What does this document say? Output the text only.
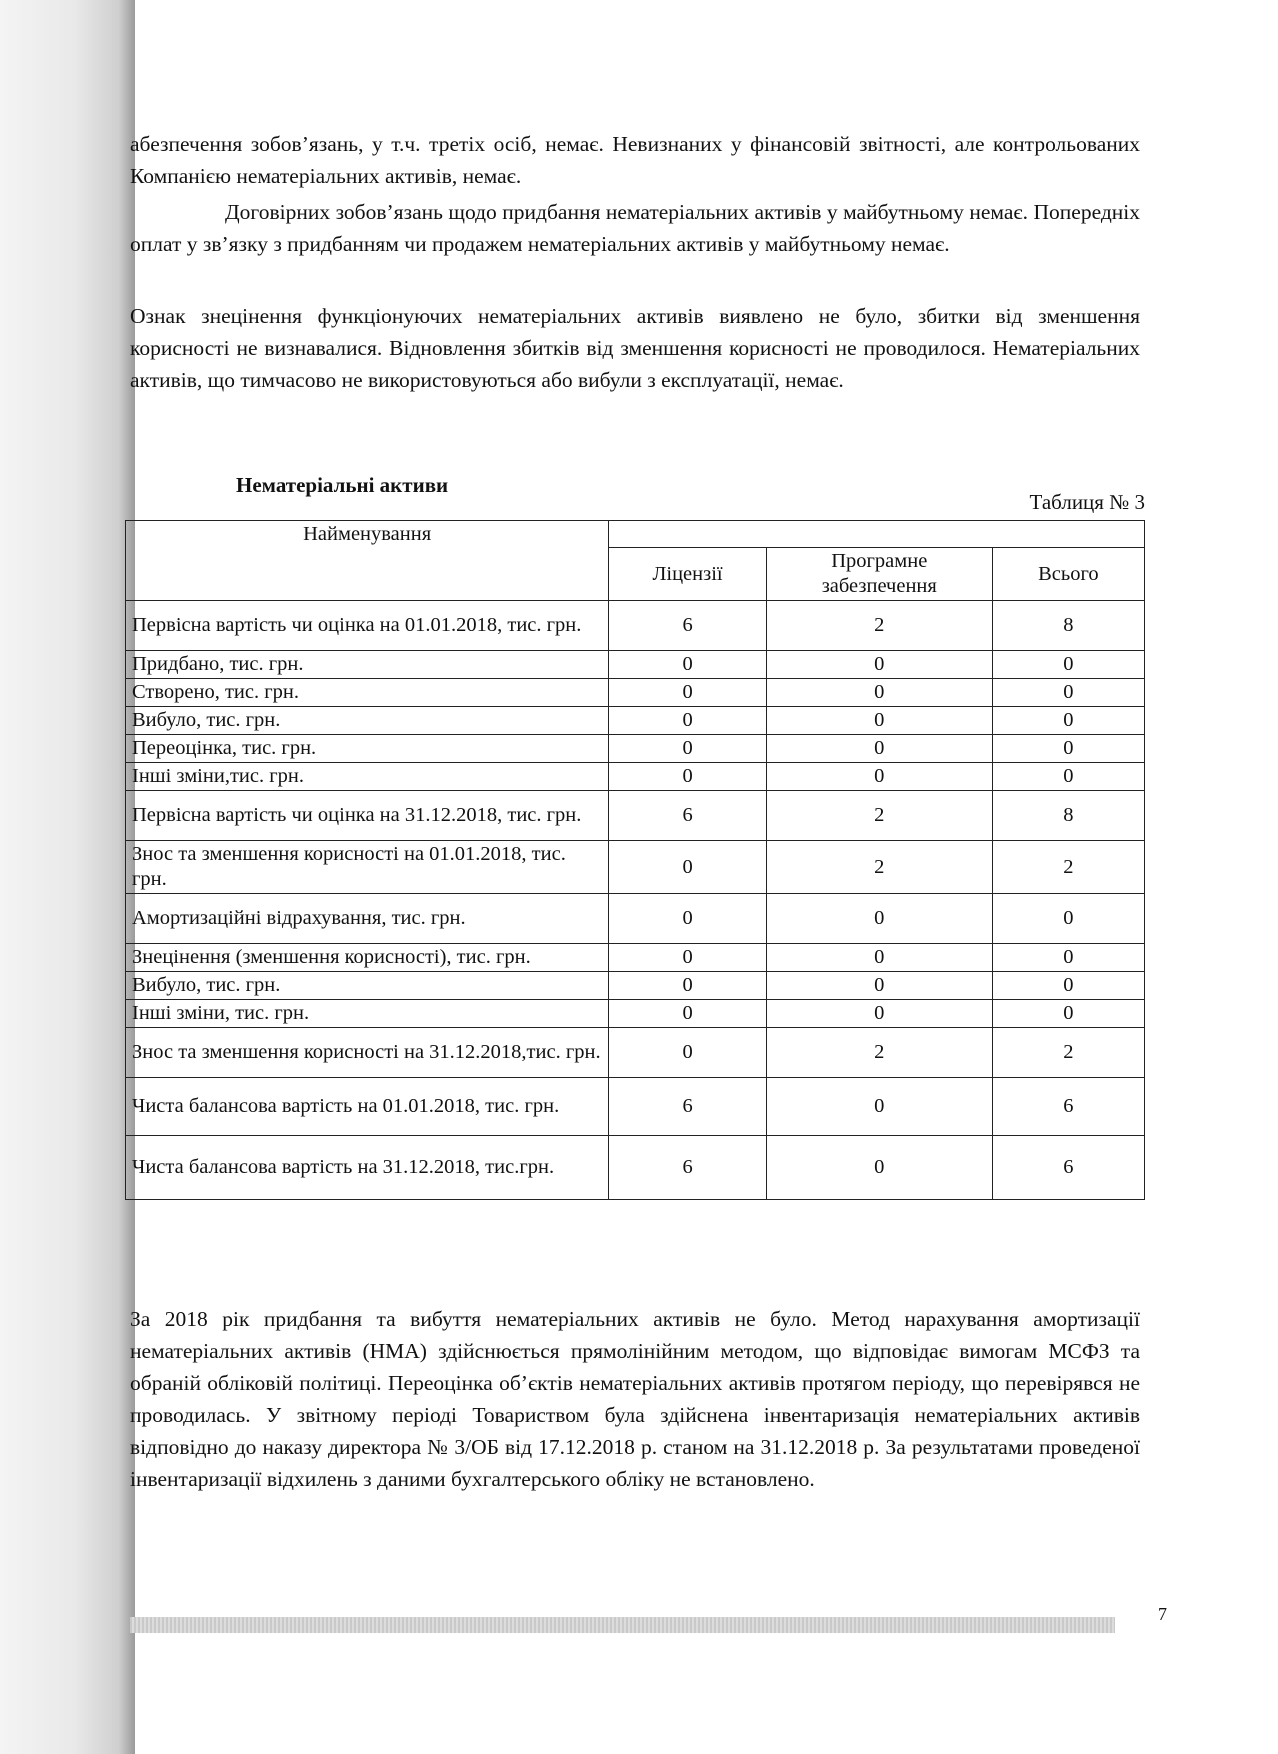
абезпечення зобов’язань, у т.ч. третіх осіб, немає. Невизнаних у фінансовій звітності, але контрольованих Компанією нематеріальних активів, немає.

Договірних зобов’язань щодо придбання нематеріальних активів у майбутньому немає. Попередніх оплат у зв’язку з придбанням чи продажем нематеріальних активів у майбутньому немає.

Ознак знецінення функціонуючих нематеріальних активів виявлено не було, збитки від зменшення корисності не визнавалися. Відновлення збитків від зменшення корисності не проводилося. Нематеріальних активів, що тимчасово не використовуються або вибули з експлуатації, немає.

Нематеріальні активи

Таблиця № 3

Найменування			
	Ліцензії	Програмне забезпечення	Всього
Первісна вартість чи оцінка на 01.01.2018, тис. грн.	6	2	8
Придбано, тис. грн.	0	0	0
Створено, тис. грн.	0	0	0
Вибуло, тис. грн.	0	0	0
Переоцінка, тис. грн.	0	0	0
Інші зміни,тис. грн.	0	0	0
Первісна вартість чи оцінка на 31.12.2018, тис. грн.	6	2	8
Знос та зменшення корисності на 01.01.2018, тис. грн.	0	2	2
Амортизаційні відрахування, тис. грн.	0	0	0
Знецінення (зменшення корисності), тис. грн.	0	0	0
Вибуло, тис. грн.	0	0	0
Інші зміни, тис. грн.	0	0	0
Знос та зменшення корисності на 31.12.2018,тис. грн.	0	2	2
Чиста балансова вартість на 01.01.2018, тис. грн.	6	0	6
Чиста балансова вартість на 31.12.2018, тис.грн.	6	0	6

За 2018 рік придбання та вибуття нематеріальних активів не було. Метод нарахування амортизації нематеріальних активів (НМА) здійснюється прямолінійним методом, що відповідає вимогам МСФЗ та обраній обліковій політиці. Переоцінка об’єктів нематеріальних активів протягом періоду, що перевірявся не проводилась. У звітному періоді Товариством була здійснена інвентаризація нематеріальних активів відповідно до наказу директора № 3/ОБ від 17.12.2018 р. станом на 31.12.2018 р. За результатами проведеної інвентаризації відхилень з даними бухгалтерського обліку не встановлено.

7
